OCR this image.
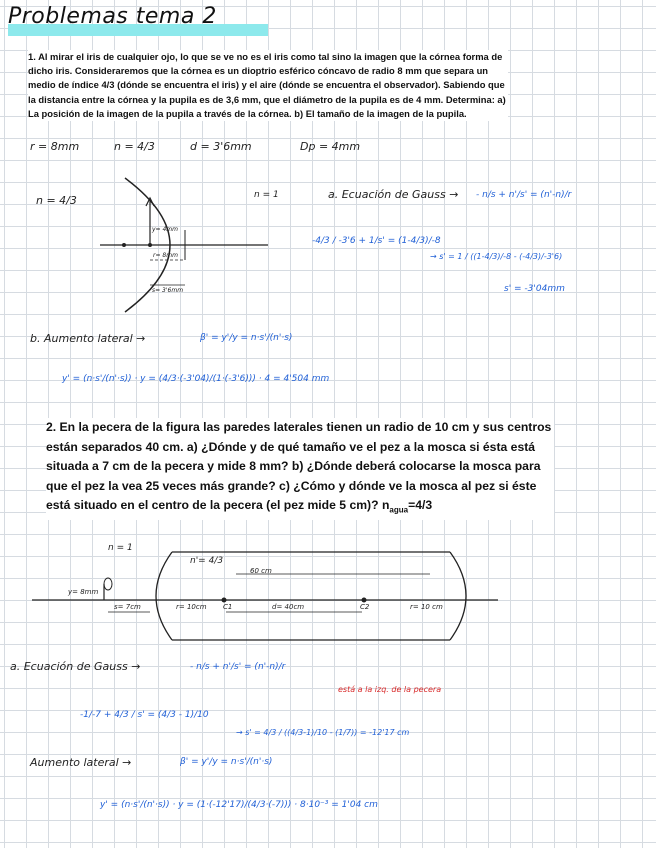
Problemas tema 2
1. Al mirar el iris de cualquier ojo, lo que se ve no es el iris como tal sino la imagen que la córnea forma de dicho iris. Consideraremos que la córnea es un dioptrio esférico cóncavo de radio 8 mm que separa un medio de índice 4/3 (dónde se encuentra el iris) y el aire (dónde se encuentra el observador). Sabiendo que la distancia entre la córnea y la pupila es de 3,6 mm, que el diámetro de la pupila es de 4 mm. Determina: a) La posición de la imagen de la pupila a través de la córnea. b) El tamaño de la imagen de la pupila.
r = 8mm	n = 4/3	d = 3'6mm	Dp = 4mm
n = 4/3	n = 1
y= 4mm
r= 8mm
s= 3'6mm
a. Ecuación de Gauss → - n/s + n'/s' = (n'-n)/r
-4/3 / -3'6 + 1/s' = (1-4/3)/-8
→ s' = 1 / ((1-4/3)/-8 - (-4/3)/-3'6)
s' = -3'04mm
b. Aumento lateral →	β' = y'/y = n·s'/(n'·s)
y' = (n·s'/(n'·s)) · y = (4/3·(-3'04)/(1·(-3'6))) · 4 = 4'504 mm
2. En la pecera de la figura las paredes laterales tienen un radio de 10 cm y sus centros están separados 40 cm. a) ¿Dónde y de qué tamaño ve el pez a la mosca si ésta está situada a 7 cm de la pecera y mide 8 mm? b) ¿Dónde deberá colocarse la mosca para que el pez la vea 25 veces más grande? c) ¿Cómo y dónde ve la mosca al pez si éste está situado en el centro de la pecera (el pez mide 5 cm)? $n_{agua}=4/3$
n = 1
n'= 4/3
60 cm
y= 8mm
s= 7cm	r= 10cm C1	d= 40cm	C2	r= 10 cm
a. Ecuación de Gauss →	- n/s + n'/s' = (n'-n)/r
-1/-7 + 4/3 / s' = (4/3 - 1)/10
→ s' = 4/3 / ((4/3-1)/10 - (1/7)) = -12'17 cm
está a la izq. de la pecera
Aumento lateral →	β' = y'/y = n·s'/(n'·s)
y' = (n·s'/(n'·s)) · y = (1·(-12'17)/(4/3·(-7))) · 8·10⁻³ = 1'04 cm
